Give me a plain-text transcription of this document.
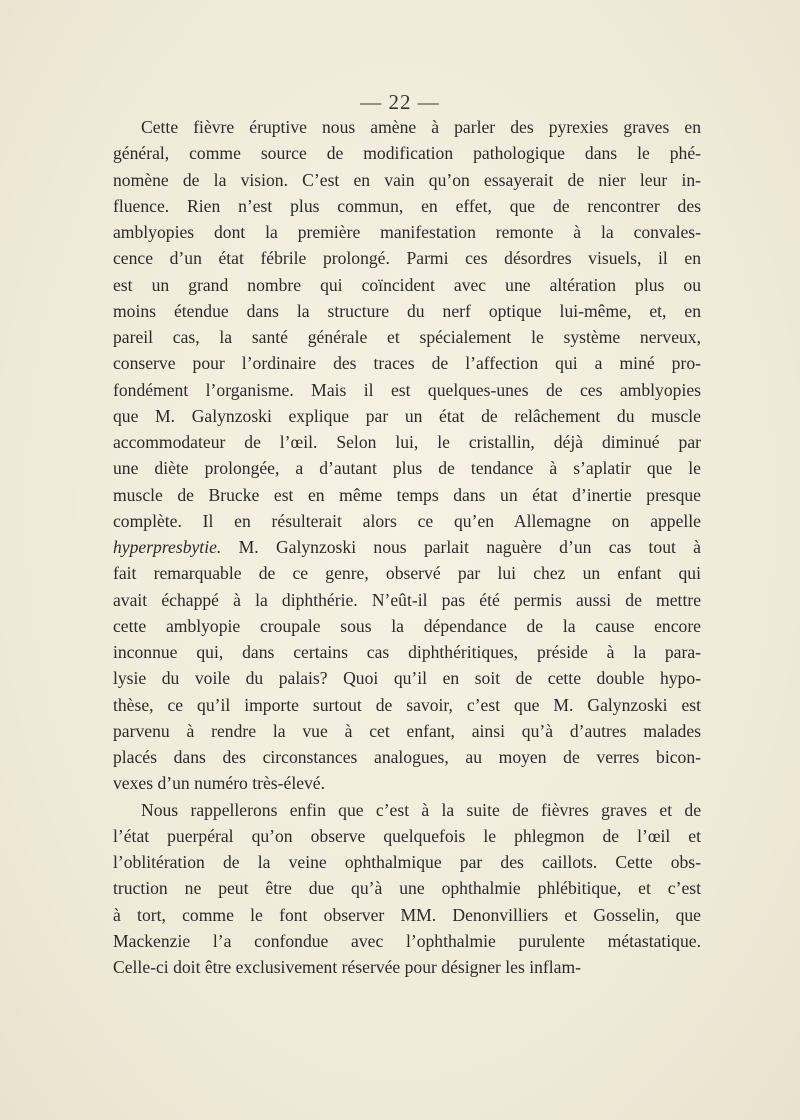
— 22 —

Cette fièvre éruptive nous amène à parler des pyrexies graves en
général, comme source de modification pathologique dans le phé-
nomène de la vision. C’est en vain qu’on essayerait de nier leur in-
fluence. Rien n’est plus commun, en effet, que de rencontrer des
amblyopies dont la première manifestation remonte à la convales-
cence d’un état fébrile prolongé. Parmi ces désordres visuels, il en
est un grand nombre qui coïncident avec une altération plus ou
moins étendue dans la structure du nerf optique lui-même, et, en
pareil cas, la santé générale et spécialement le système nerveux,
conserve pour l’ordinaire des traces de l’affection qui a miné pro-
fondément l’organisme. Mais il est quelques-unes de ces amblyopies
que M. Galynzoski explique par un état de relâchement du muscle
accommodateur de l’œil. Selon lui, le cristallin, déjà diminué par
une diète prolongée, a d’autant plus de tendance à s’aplatir que le
muscle de Brucke est en même temps dans un état d’inertie presque
complète. Il en résulterait alors ce qu’en Allemagne on appelle
hyperpresbytie. M. Galynzoski nous parlait naguère d’un cas tout à
fait remarquable de ce genre, observé par lui chez un enfant qui
avait échappé à la diphthérie. N’eût-il pas été permis aussi de mettre
cette amblyopie croupale sous la dépendance de la cause encore
inconnue qui, dans certains cas diphthéritiques, préside à la para-
lysie du voile du palais? Quoi qu’il en soit de cette double hypo-
thèse, ce qu’il importe surtout de savoir, c’est que M. Galynzoski est
parvenu à rendre la vue à cet enfant, ainsi qu’à d’autres malades
placés dans des circonstances analogues, au moyen de verres bicon-
vexes d’un numéro très-élevé.

Nous rappellerons enfin que c’est à la suite de fièvres graves et de
l’état puerpéral qu’on observe quelquefois le phlegmon de l’œil et
l’oblitération de la veine ophthalmique par des caillots. Cette obs-
truction ne peut être due qu’à une ophthalmie phlébitique, et c’est
à tort, comme le font observer MM. Denonvilliers et Gosselin, que
Mackenzie l’a confondue avec l’ophthalmie purulente métastatique.
Celle-ci doit être exclusivement réservée pour désigner les inflam-
